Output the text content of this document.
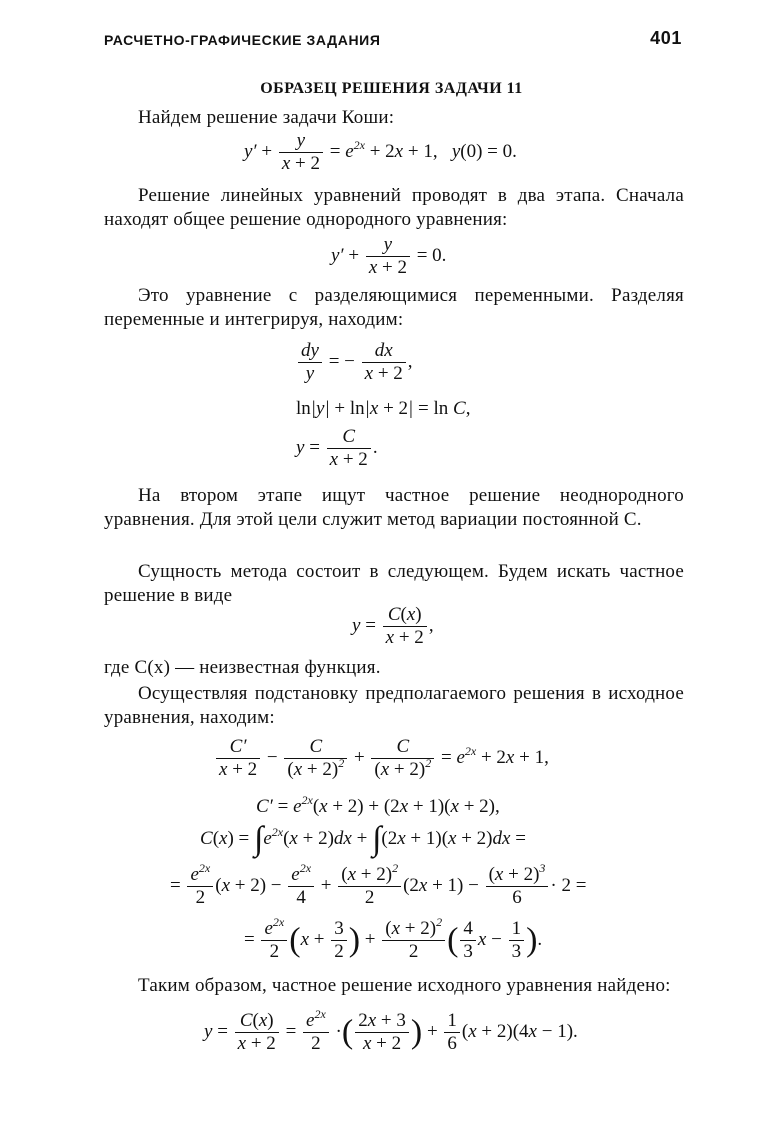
РАСЧЕТНО-ГРАФИЧЕСКИЕ ЗАДАНИЯ	401
ОБРАЗЕЦ РЕШЕНИЯ ЗАДАЧИ 11
Найдем решение задачи Коши:
$y' + \frac{y}{x + 2} = e^{2x} + 2x + 1$,   y(0) = 0.
Решение линейных уравнений проводят в два этапа. Сначала находят общее решение однородного уравнения:
$y' + \frac{y}{x + 2} = 0$.
Это уравнение с разделяющимися переменными. Разделяя переменные и интегрируя, находим:
$\frac{dy}{y}$ = − $\frac{dx}{x + 2}$ ,
ln|y| + ln|x + 2| = ln C,
$y = \frac{C}{x + 2}$ .
На втором этапе ищут частное решение неоднородного уравнения. Для этой цели служит метод вариации постоянной C.
Сущность метода состоит в следующем. Будем искать частное решение в виде
$y = \frac{C(x)}{x + 2}$ ,
где C(x) — неизвестная функция.
Осуществляя подстановку предполагаемого решения в исходное уравнения, находим:
$\frac{C'}{x + 2} - \frac{C}{(x + 2)^2} + \frac{C}{(x + 2)^2} = e^{2x} + 2x + 1$,
$C' = e^{2x}(x + 2) + (2x + 1)(x + 2)$,
$C(x) = \int e^{2x}(x + 2)dx + \int(2x + 1)(x + 2)dx$ =
= $\frac{e^{2x}}{2} (x + 2) - \frac{e^{2x}}{4} + \frac{(x + 2)^2}{2} (2x + 1) - \frac{(x + 2)^3}{6} \cdot 2$ =
= $\frac{e^{2x}}{2} (x + \frac{3}{2}$ ) + $\frac{(x + 2)^2}{2}$ ( $\frac{4}{3}$ $x - \frac{1}{3}$ ).
Таким образом, частное решение исходного уравнения найдено:
$y = \frac{C(x)}{x + 2} = \frac{e^{2x}}{2}$ ·( $\frac{2x + 3}{x + 2}$ ) + $\frac{1}{6} (x + 2)(4x - 1)$.
